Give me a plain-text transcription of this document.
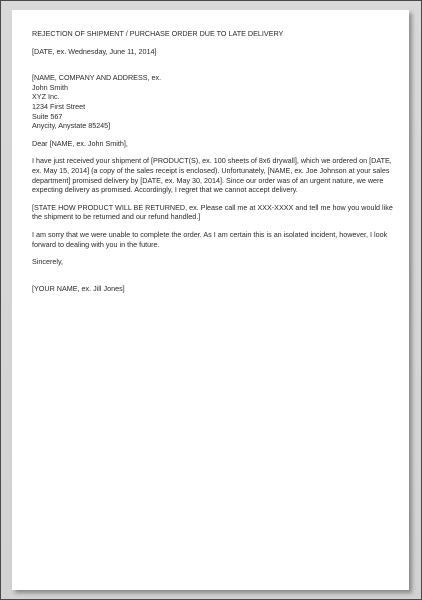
REJECTION OF SHIPMENT / PURCHASE ORDER DUE TO LATE DELIVERY

[DATE, ex. Wednesday, June 11, 2014]

[NAME, COMPANY AND ADDRESS, ex.
John Smith
XYZ Inc.
1234 First Street
Suite 567
Anycity, Anystate 85245]

Dear [NAME, ex. John Smith],

I have just received your shipment of [PRODUCT(S), ex. 100 sheets of 8x6 drywall], which we ordered on [DATE, ex. May 15, 2014] (a copy of the sales receipt is enclosed). Unfortunately, [NAME, ex. Joe Johnson at your sales department] promised delivery by [DATE, ex. May 30, 2014]. Since our order was of an urgent nature, we were expecting delivery as promised. Accordingly, I regret that we cannot accept delivery.

[STATE HOW PRODUCT WILL BE RETURNED, ex. Please call me at XXX-XXXX and tell me how you would like the shipment to be returned and our refund handled.]

I am sorry that we were unable to complete the order. As I am certain this is an isolated incident, however, I look forward to dealing with you in the future.

Sincerely,

[YOUR NAME, ex. Jill Jones]
